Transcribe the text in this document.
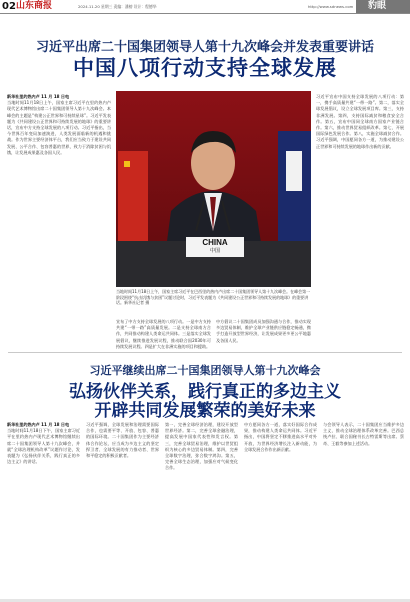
02 山东商报	2024.11.20 星期三 责编：潘榕 设计：程德华	http://www.sdnews.com 豹眼
习近平出席二十国集团领导人第十九次峰会并发表重要讲话
中国八项行动支持全球发展
新华社里约热内卢 11 月 18 日电
当地时间11月18日上午，国家主席习近平在里约热内卢现代艺术博物馆出席二十国集团领导人第十九次峰会。本峰会的主题是“构建公正世界和可持续星球”。习近平发表题为《共同建设公正世界和可持续发展的地球》的重要讲话，宣布中方支持全球发展的八项行动。习近平指出，当今世界百年变局加速演进，人类发展面临新的机遇和挑战。作为世界主要经济体平台，我们应当致力于建设共同发展、公平合作、包容普惠的世界，致力于消除贫困与饥饿，让发展成果惠及各国人民。
习近平宣布中国支持全球发展的八项行动：第一，携手高质量共建“一带一路”。第二，落实全球发展倡议，设立全球发展项目库。第三，支持非洲发展。第四，支持国际减贫和粮食安全合作。第五，宣布中国同全球南方国家产业链合作。第六，推动世界贸易组织改革。第七，开展国际绿色发展合作。第八，实施全球减贫合作。习近平强调，中国愿同各方一道，为推动建设公正世界和可持续发展的地球作出新的贡献。
宣布了中方支持全球发展的八项行动。一是中方支持共建“一带一路”高质量发展。二是支持全球南方合作，共同推动构建人类命运共同体。三是落实全球发展倡议，继续推进发展议程，推动联合国2030年可持续发展议程。四是扩大在非洲实施的项目和援助。
中方倡议二十国集团成员加强沟通与合作，推动实现多边贸易体制，维护全球产业链供应链稳定畅通，携手打造开放型世界经济，让发展成果更多更公平地惠及各国人民。
CHINA
中国
当地时间11月18日上午，国家主席习近平在巴西里约热内卢出席二十国集团领导人第十九次峰会。在峰会第一阶段围绕“抗击饥饿与贫困”议题讨论时，习近平发表题为《共同建设公正世界和可持续发展的地球》的重要讲话。新华社记者 摄
习近平继续出席二十国集团领导人第十九次峰会
弘扬伙伴关系，践行真正的多边主义
开辟共同发展繁荣的美好未来
新华社里约热内卢 11 月 18 日电
当地时间11月18日下午，国家主席习近平在里约热内卢现代艺术博物馆继续出席二十国集团领导人第十九次峰会，并就“全球治理机构改革”议题作讨论，发表题为《弘扬伙伴关系，践行真正的多边主义》的讲话。
习近平强调，全球发展和治理需要国际合作，也需要平等、开放、包容、普惠的国际环境。二十国集团作为主要经济体合作论坛，应当成为多边主义的坚定捍卫者、全球发展的有力推动者、世界和平稳定的积极贡献者。
第一，完善全球经济治理，建设开放型世界经济。第二，完善全球金融治理，提高发展中国家代表性和发言权。第三，完善全球贸易治理，维护以世贸组织为核心的多边贸易体制。第四，完善全球数字治理，弥合数字鸿沟。第五，完善全球生态治理，加强应对气候变化合作。
中方愿同各方一道，落实好国际合作成果，推动构建人类命运共同体。习近平指出，中国将坚定不移推进高水平对外开放，为世界经济增长注入新动能，为全球发展合作作出新贡献。
与会领导人表示，二十国集团应当维护多边主义，推动全球治理体系改革完善。巴西总统卢拉、联合国秘书长古特雷斯等出席。蔡奇、王毅等参加上述活动。
